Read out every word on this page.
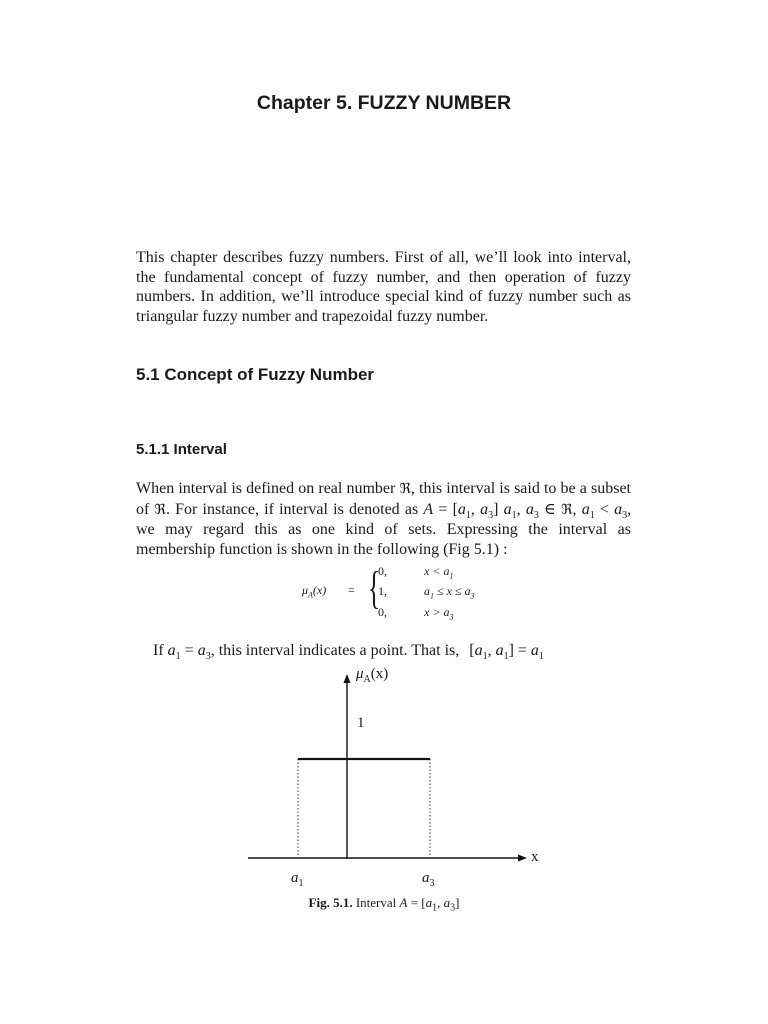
Chapter 5. FUZZY NUMBER

This chapter describes fuzzy numbers. First of all, we’ll look into interval, the fundamental concept of fuzzy number, and then operation of fuzzy numbers. In addition, we’ll introduce special kind of fuzzy number such as triangular fuzzy number and trapezoidal fuzzy number.

5.1 Concept of Fuzzy Number
5.1.1 Interval

When interval is defined on real number ℜ, this interval is said to be a subset of ℜ. For instance, if interval is denoted as $A = [a_1$, $a_3$] $a_1$, $a_3$ ∈ ℜ, $a_1 < a_3$, we may regard this as one kind of sets. Expressing the interval as membership function is shown in the following (Fig 5.1) :

$\mu_A(x)$ = {
0,	$x < a_1$
1,	$a_1 \le x \le a_3$
0,	$x > a_3$

If $a_1 = a_3$, this interval indicates a point. That is, [$a_1$, $a_1] = a_1$

$\mu_A(x)$
1
x
$a_1$	$a_3$

Fig. 5.1. Interval $A = [a_1$, $a_3$]
